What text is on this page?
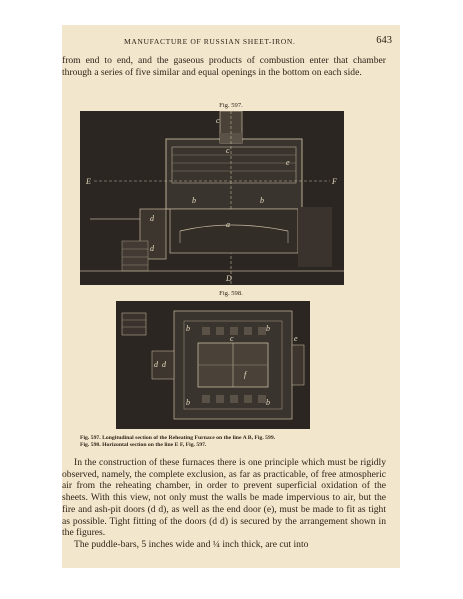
MANUFACTURE OF RUSSIAN SHEET-IRON.	643

from end to end, and the gaseous products of combustion enter that chamber through a series of five similar and equal openings in the bottom on each side.

Fig. 597.
c
c
e
E	F
b	b
d
a
d
D
Fig. 598.
b	b
c	e
d d
f
b	b
Fig. 597. Longitudinal section of the Reheating Furnace on the line A B, Fig. 599.
Fig. 598. Horizontal section on the line E F, Fig. 597.

In the construction of these furnaces there is one principle which must be rigidly observed, namely, the complete exclusion, as far as practicable, of free atmospheric air from the reheating chamber, in order to prevent superficial oxidation of the sheets. With this view, not only must the walls be made impervious to air, but the fire and ash-pit doors (d d), as well as the end door (e), must be made to fit as tight as possible. Tight fitting of the doors (d d) is secured by the arrangement shown in the figures.

The puddle-bars, 5 inches wide and ¼ inch thick, are cut into
